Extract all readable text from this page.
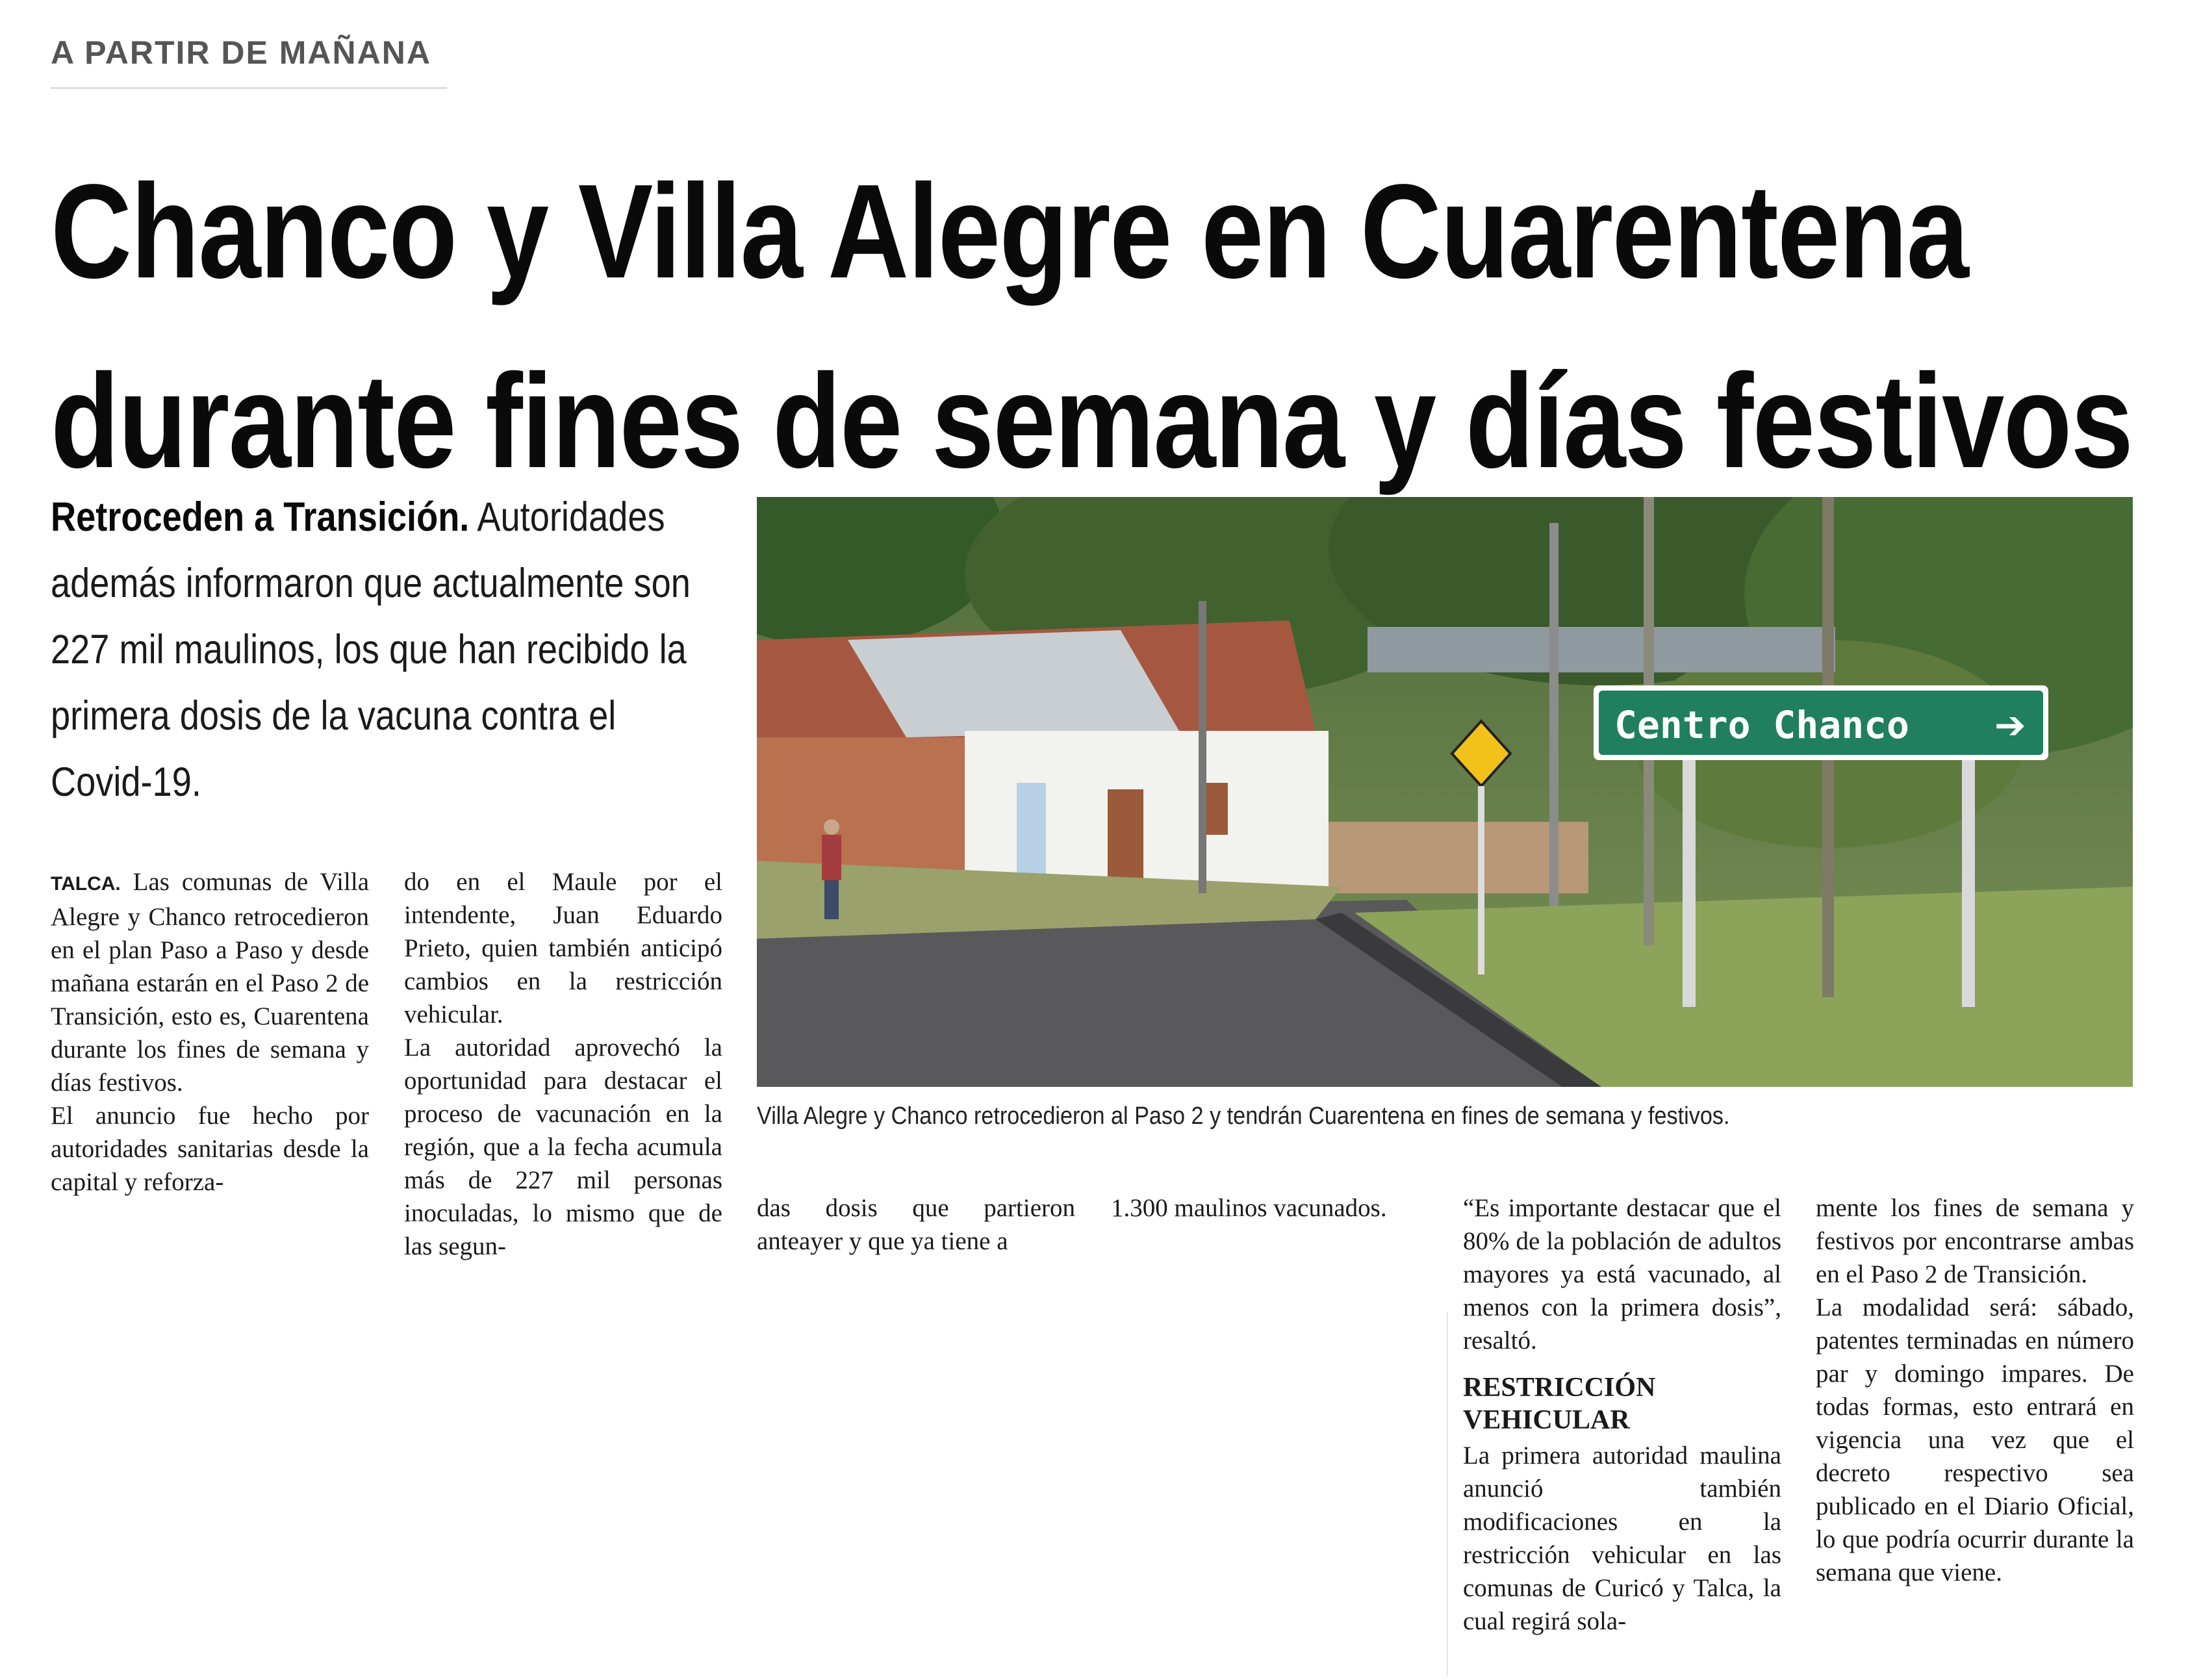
A PARTIR DE MAÑANA
Chanco y Villa Alegre en Cuarentena
durante fines de semana y días festivos
Retroceden a Transición. Autoridades además informaron que actualmente son 227 mil maulinos, los que han recibido la primera dosis de la vacuna contra el Covid-19.
Centro Chanco ➔
Villa Alegre y Chanco retrocedieron al Paso 2 y tendrán Cuarentena en fines de semana y festivos.

TALCA. Las comunas de Villa Alegre y Chanco retrocedieron en el plan Paso a Paso y desde mañana estarán en el Paso 2 de Transición, esto es, Cuarentena durante los fines de semana y días festivos.

El anuncio fue hecho por autoridades sanitarias desde la capital y reforza-

do en el Maule por el intendente, Juan Eduardo Prieto, quien también anticipó cambios en la restricción vehicular.

La autoridad aprovechó la oportunidad para destacar el proceso de vacunación en la región, que a la fecha acumula más de 227 mil personas inoculadas, lo mismo que de las segun-

das dosis que partieron anteayer y que ya tiene a

1.300 maulinos vacunados.	“Es importante destacar que el 80% de la población de adultos mayores ya está vacunado, al menos con la primera dosis”, resaltó.

RESTRICCIÓN VEHICULAR

La primera autoridad maulina anunció también modificaciones en la restricción vehicular en las comunas de Curicó y Talca, la cual regirá sola-

mente los fines de semana y festivos por encontrarse ambas en el Paso 2 de Transición.

La modalidad será: sábado, patentes terminadas en número par y domingo impares. De todas formas, esto entrará en vigencia una vez que el decreto respectivo sea publicado en el Diario Oficial, lo que podría ocurrir durante la semana que viene.
